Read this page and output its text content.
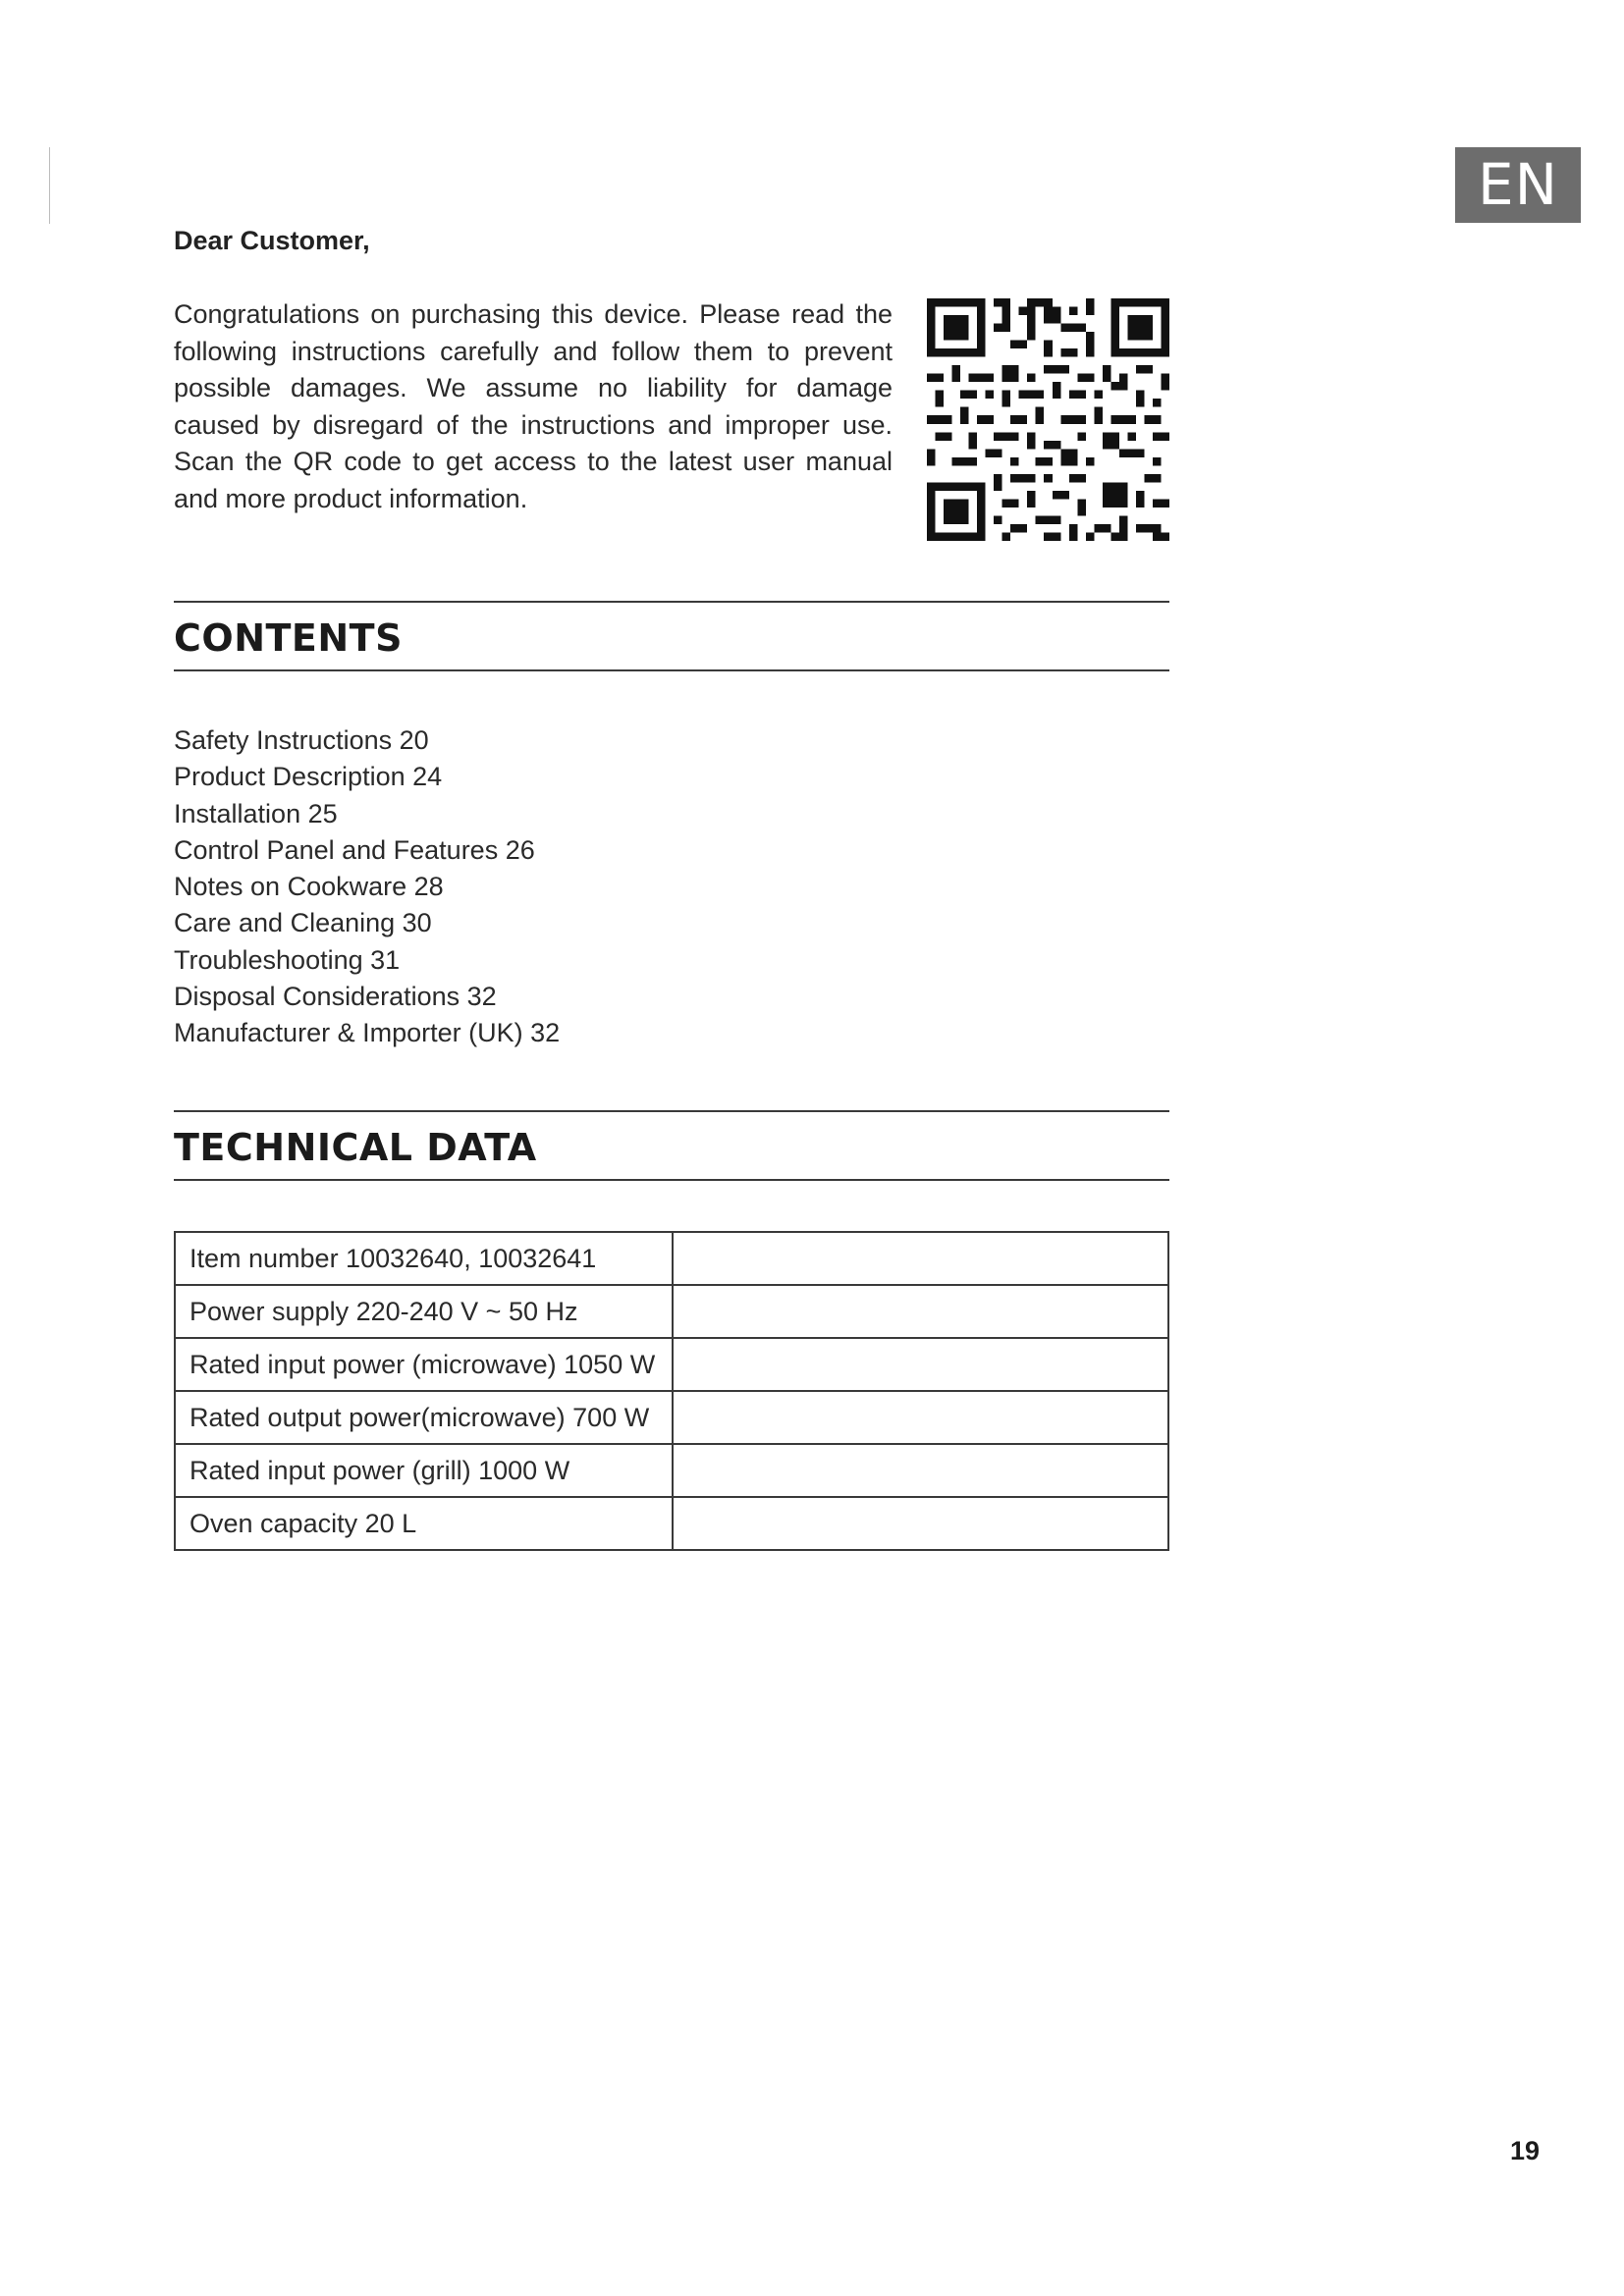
EN

Dear Customer,

Congratulations on purchasing this device. Please read the following instructions carefully and follow them to prevent possible damages. We assume no liability for damage caused by disregard of the instructions and improper use. Scan the QR code to get access to the latest user manual and more product information.

CONTENTS
Safety Instructions 20
Product Description 24
Installation 25
Control Panel and Features 26
Notes on Cookware 28
Care and Cleaning 30
Troubleshooting 31
Disposal Considerations 32
Manufacturer & Importer (UK) 32
TECHNICAL DATA
Item number 10032640, 10032641	
Power supply 220-240 V ~ 50 Hz	
Rated input power (microwave) 1050 W	
Rated output power(microwave) 700 W	
Rated input power (grill) 1000 W	
Oven capacity 20 L	
19
